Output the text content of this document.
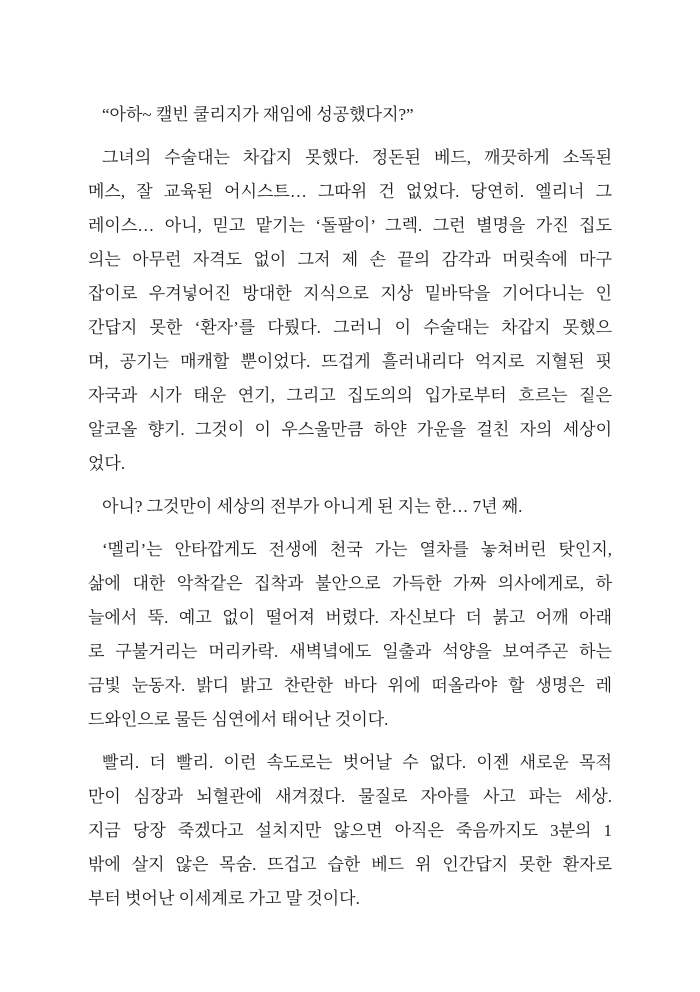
“아하~ 캘빈 쿨리지가 재임에 성공했다지?”
그녀의 수술대는 차갑지 못했다. 정돈된 베드, 깨끗하게 소독된
메스, 잘 교육된 어시스트… 그따위 건 없었다. 당연히. 엘리너 그
레이스… 아니, 믿고 맡기는 ‘돌팔이’ 그렉. 그런 별명을 가진 집도
의는 아무런 자격도 없이 그저 제 손 끝의 감각과 머릿속에 마구
잡이로 우겨넣어진 방대한 지식으로 지상 밑바닥을 기어다니는 인
간답지 못한 ‘환자’를 다뤘다. 그러니 이 수술대는 차갑지 못했으
며, 공기는 매캐할 뿐이었다. 뜨겁게 흘러내리다 억지로 지혈된 핏
자국과 시가 태운 연기, 그리고 집도의의 입가로부터 흐르는 짙은
알코올 향기. 그것이 이 우스울만큼 하얀 가운을 걸친 자의 세상이
었다.
아니? 그것만이 세상의 전부가 아니게 된 지는 한… 7년 째.
‘멜리’는 안타깝게도 전생에 천국 가는 열차를 놓쳐버린 탓인지,
삶에 대한 악착같은 집착과 불안으로 가득한 가짜 의사에게로, 하
늘에서 뚝. 예고 없이 떨어져 버렸다. 자신보다 더 붉고 어깨 아래
로 구불거리는 머리카락. 새벽녘에도 일출과 석양을 보여주곤 하는
금빛 눈동자. 밝디 밝고 찬란한 바다 위에 떠올라야 할 생명은 레
드와인으로 물든 심연에서 태어난 것이다.
빨리. 더 빨리. 이런 속도로는 벗어날 수 없다. 이젠 새로운 목적
만이 심장과 뇌혈관에 새겨졌다. 물질로 자아를 사고 파는 세상.
지금 당장 죽겠다고 설치지만 않으면 아직은 죽음까지도 3분의 1
밖에 살지 않은 목숨. 뜨겁고 습한 베드 위 인간답지 못한 환자로
부터 벗어난 이세계로 가고 말 것이다.
